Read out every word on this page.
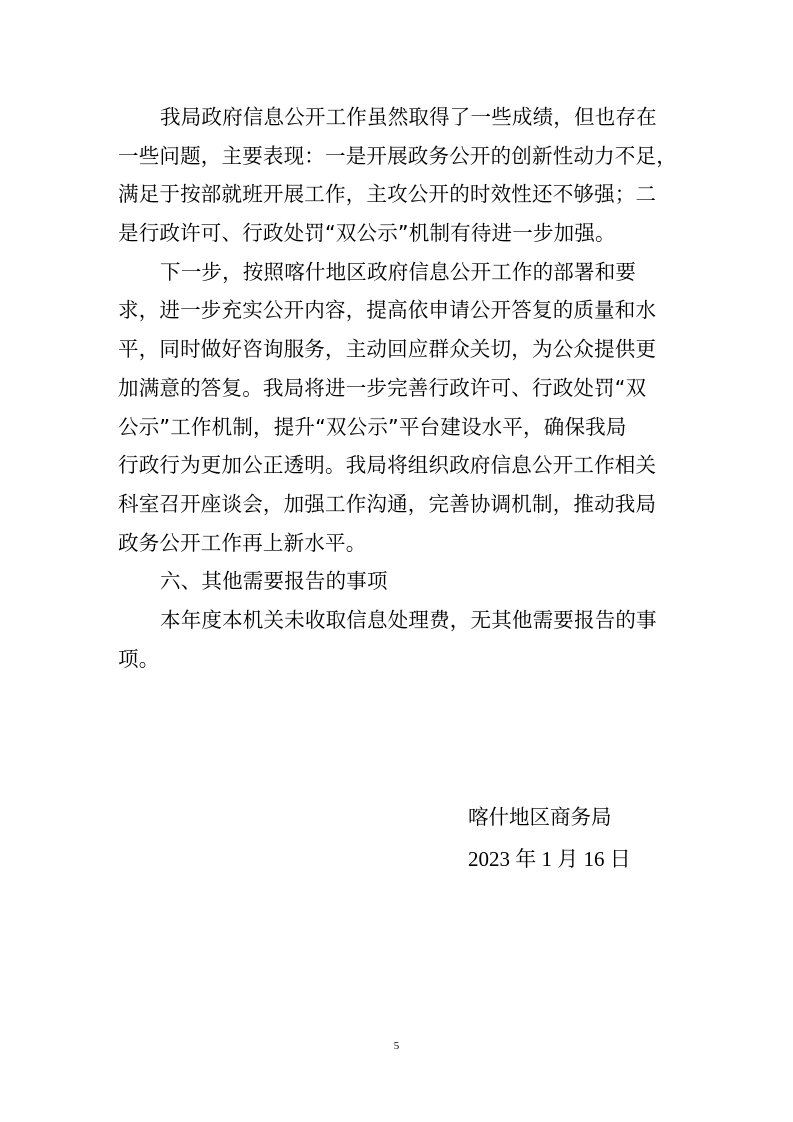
我局政府信息公开工作虽然取得了一些成绩，但也存在
一些问题，主要表现：一是开展政务公开的创新性动力不足，
满足于按部就班开展工作，主攻公开的时效性还不够强；二
是行政许可、行政处罚“双公示”机制有待进一步加强。
下一步，按照喀什地区政府信息公开工作的部署和要
求，进一步充实公开内容，提高依申请公开答复的质量和水
平，同时做好咨询服务，主动回应群众关切，为公众提供更
加满意的答复。我局将进一步完善行政许可、行政处罚“双
公示”工作机制，提升“双公示”平台建设水平，确保我局
行政行为更加公正透明。我局将组织政府信息公开工作相关
科室召开座谈会，加强工作沟通，完善协调机制，推动我局
政务公开工作再上新水平。
六、其他需要报告的事项
本年度本机关未收取信息处理费，无其他需要报告的事
项。
喀什地区商务局
2023 年 1 月 16 日
5
